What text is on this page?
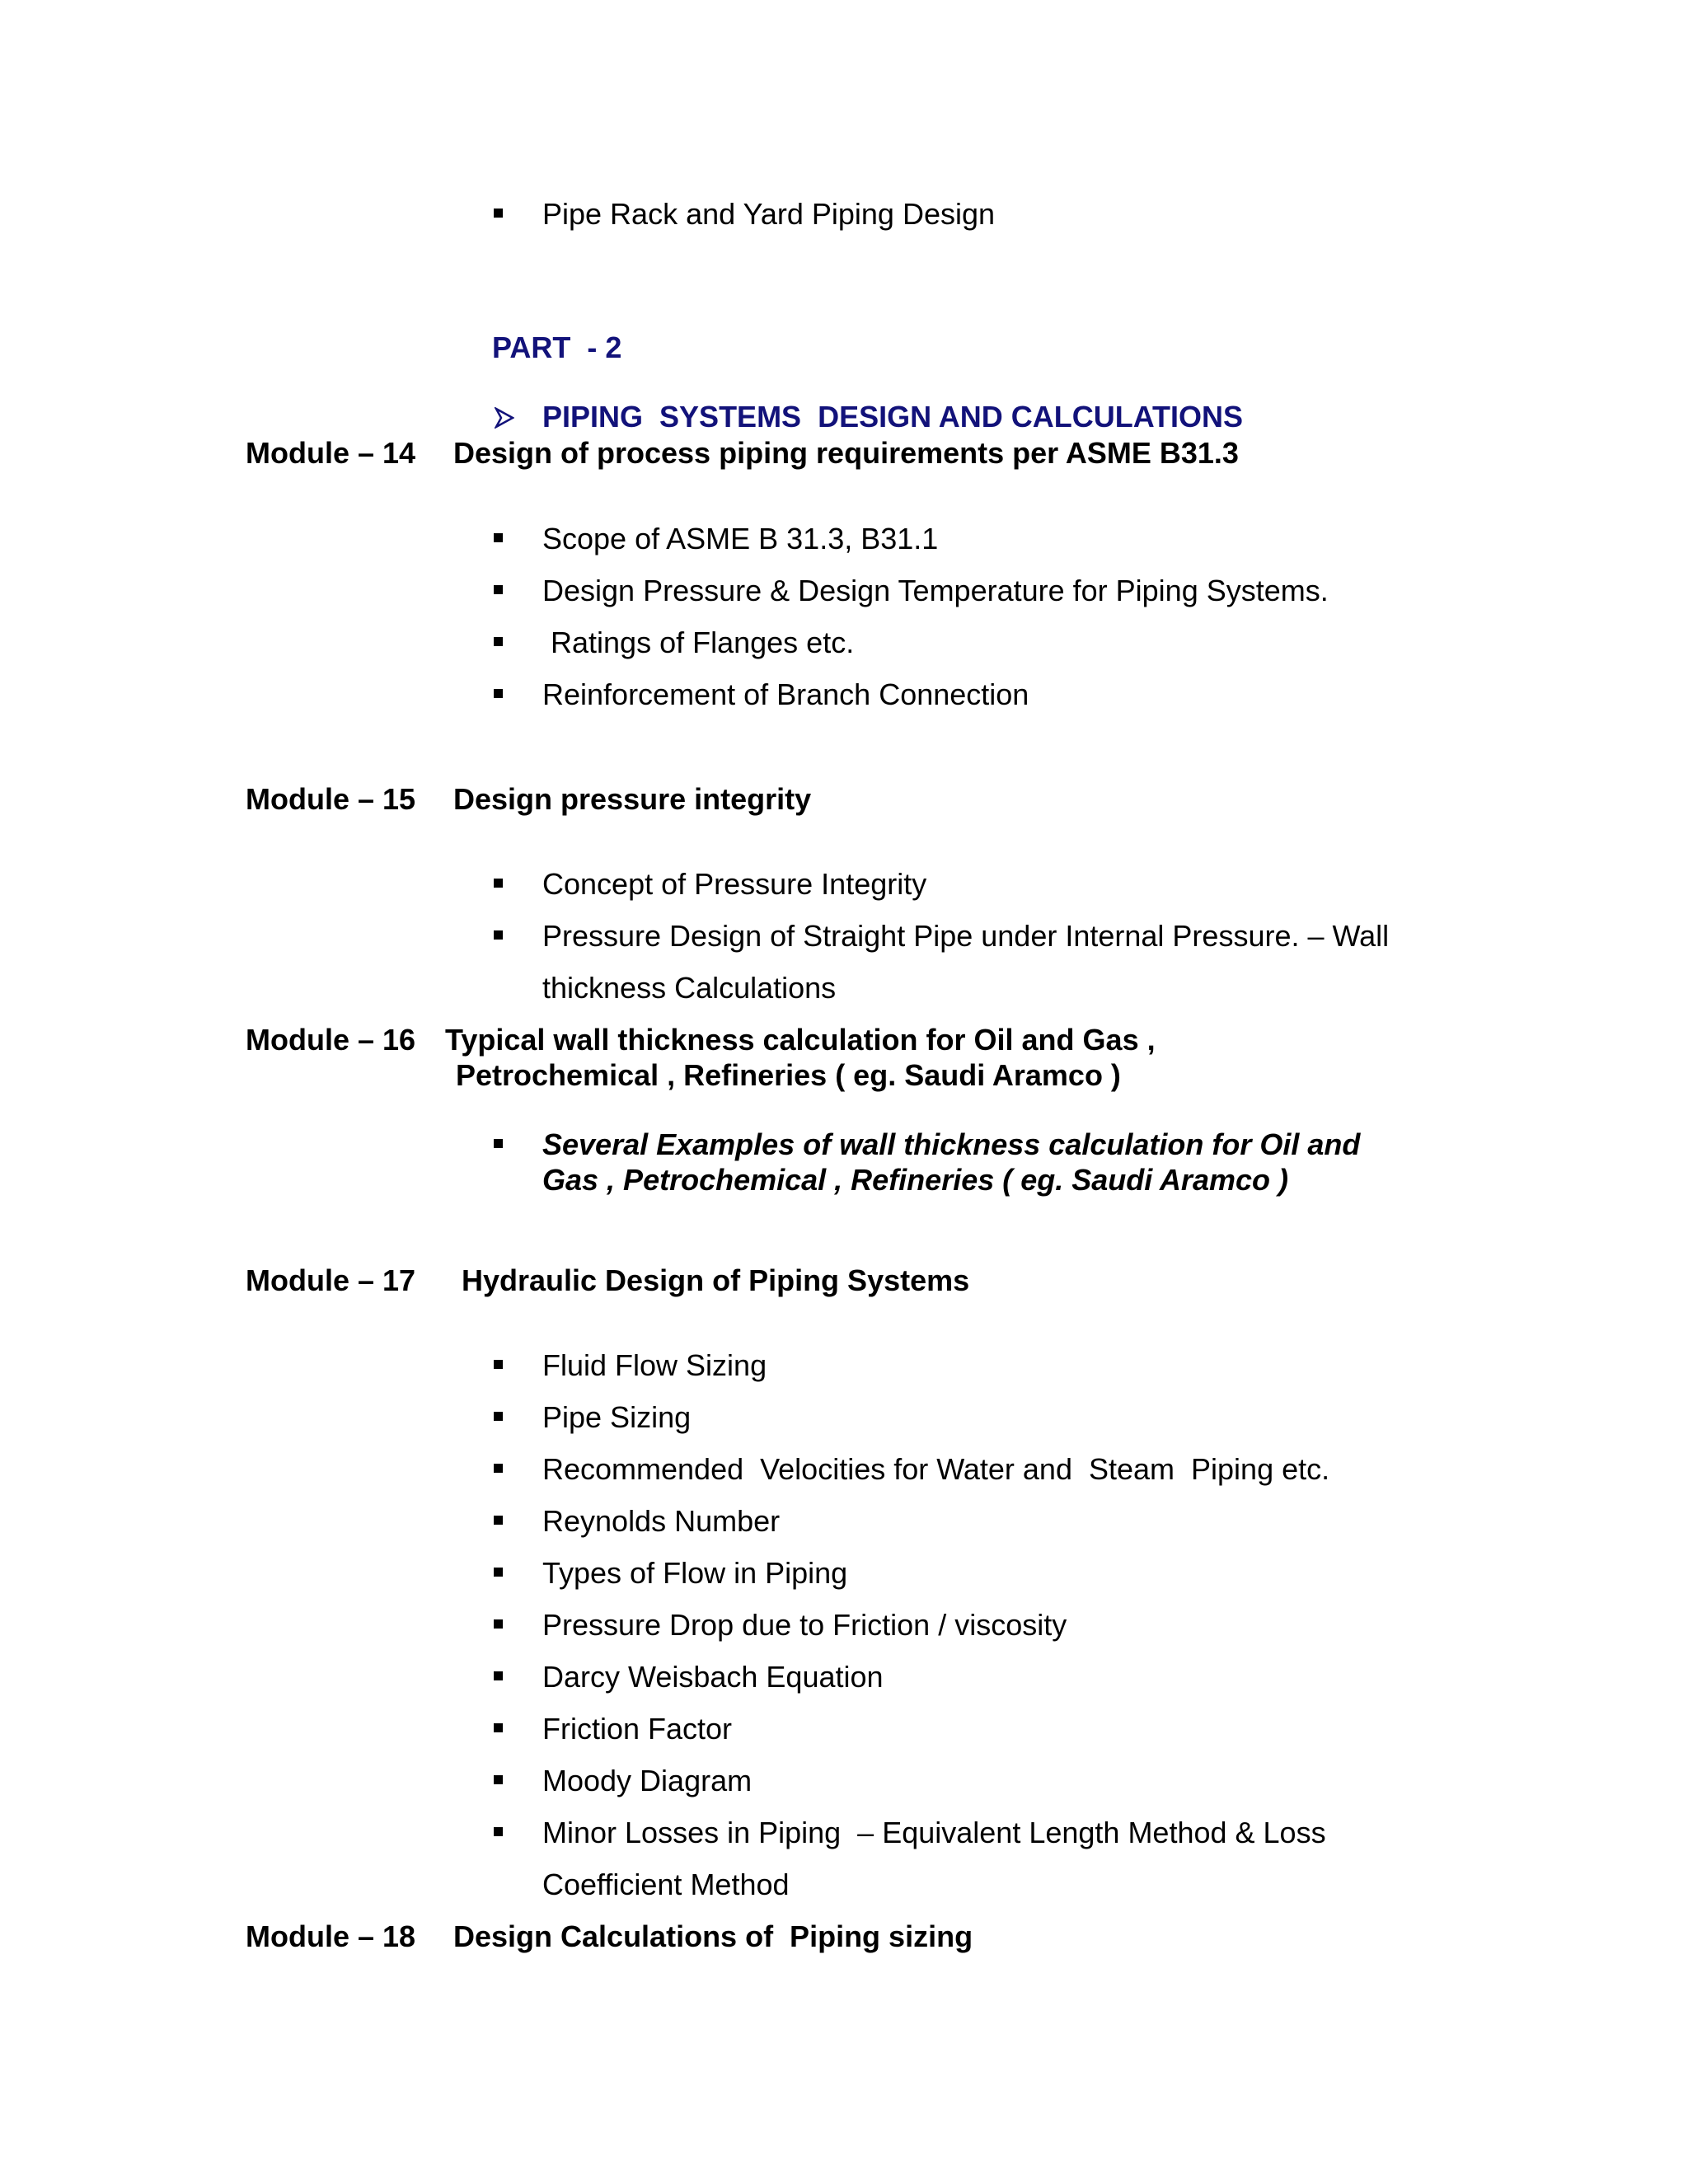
Pipe Rack and Yard Piping Design
PART  - 2
PIPING  SYSTEMS  DESIGN AND CALCULATIONS
Module – 14 Design of process piping requirements per ASME B31.3
Scope of ASME B 31.3, B31.1
Design Pressure & Design Temperature for Piping Systems.
Ratings of Flanges etc.
Reinforcement of Branch Connection
Module – 15 Design pressure integrity
Concept of Pressure Integrity
Pressure Design of Straight Pipe under Internal Pressure. – Wall
thickness Calculations
Module – 16 Typical wall thickness calculation for Oil and Gas ,
Petrochemical , Refineries ( eg. Saudi Aramco )
Several Examples of wall thickness calculation for Oil and
Gas , Petrochemical , Refineries ( eg. Saudi Aramco )
Module – 17 Hydraulic Design of Piping Systems
Fluid Flow Sizing
Pipe Sizing
Recommended  Velocities for Water and  Steam  Piping etc.
Reynolds Number
Types of Flow in Piping
Pressure Drop due to Friction / viscosity
Darcy Weisbach Equation
Friction Factor
Moody Diagram
Minor Losses in Piping  – Equivalent Length Method & Loss
Coefficient Method
Module – 18 Design Calculations of  Piping sizing
